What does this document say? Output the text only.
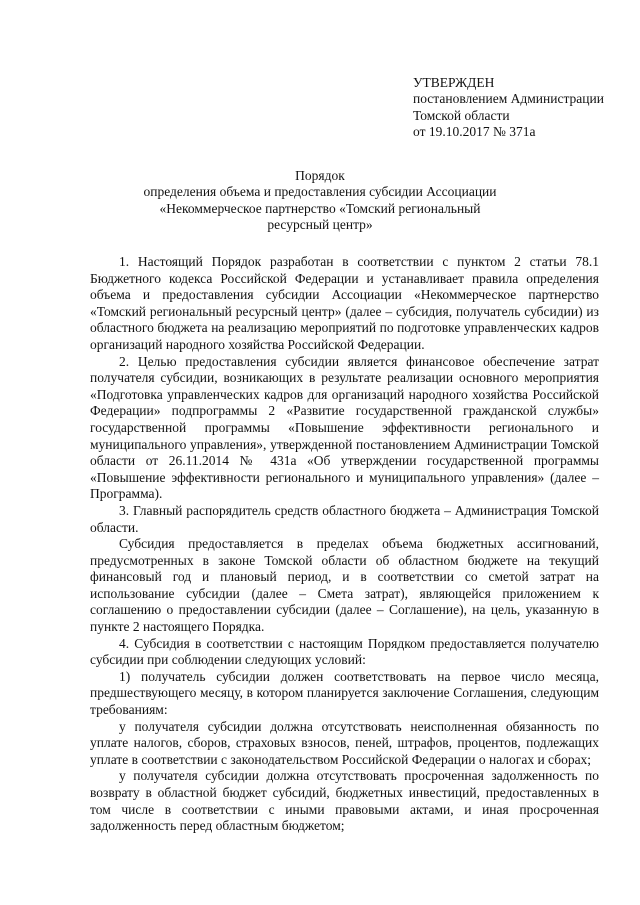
УТВЕРЖДЕН
постановлением Администрации
Томской области
от 19.10.2017 № 371а
Порядок
определения объема и предоставления субсидии Ассоциации
«Некоммерческое партнерство «Томский региональный
ресурсный центр»

1. Настоящий Порядок разработан в соответствии с пунктом 2 статьи 78.1 Бюджетного кодекса Российской Федерации и устанавливает правила определения объема и предоставления субсидии Ассоциации «Некоммерческое партнерство «Томский региональный ресурсный центр» (далее – субсидия, получатель субсидии) из областного бюджета на реализацию мероприятий по подготовке управленческих кадров организаций народного хозяйства Российской Федерации.

2. Целью предоставления субсидии является финансовое обеспечение затрат получателя субсидии, возникающих в результате реализации основного мероприятия «Подготовка управленческих кадров для организаций народного хозяйства Российской Федерации» подпрограммы 2 «Развитие государственной гражданской службы» государственной программы «Повышение эффективности регионального и муниципального управления», утвержденной постановлением Администрации Томской области от 26.11.2014 № 431а «Об утверждении государственной программы «Повышение эффективности регионального и муниципального управления» (далее – Программа).

3. Главный распорядитель средств областного бюджета – Администрация Томской области.

Субсидия предоставляется в пределах объема бюджетных ассигнований, предусмотренных в законе Томской области об областном бюджете на текущий финансовый год и плановый период, и в соответствии со сметой затрат на использование субсидии (далее – Смета затрат), являющейся приложением к соглашению о предоставлении субсидии (далее – Соглашение), на цель, указанную в пункте 2 настоящего Порядка.

4. Субсидия в соответствии с настоящим Порядком предоставляется получателю субсидии при соблюдении следующих условий:

1) получатель субсидии должен соответствовать на первое число месяца, предшествующего месяцу, в котором планируется заключение Соглашения, следующим требованиям:

у получателя субсидии должна отсутствовать неисполненная обязанность по уплате налогов, сборов, страховых взносов, пеней, штрафов, процентов, подлежащих уплате в соответствии с законодательством Российской Федерации о налогах и сборах;

у получателя субсидии должна отсутствовать просроченная задолженность по возврату в областной бюджет субсидий, бюджетных инвестиций, предоставленных в том числе в соответствии с иными правовыми актами, и иная просроченная задолженность перед областным бюджетом;
